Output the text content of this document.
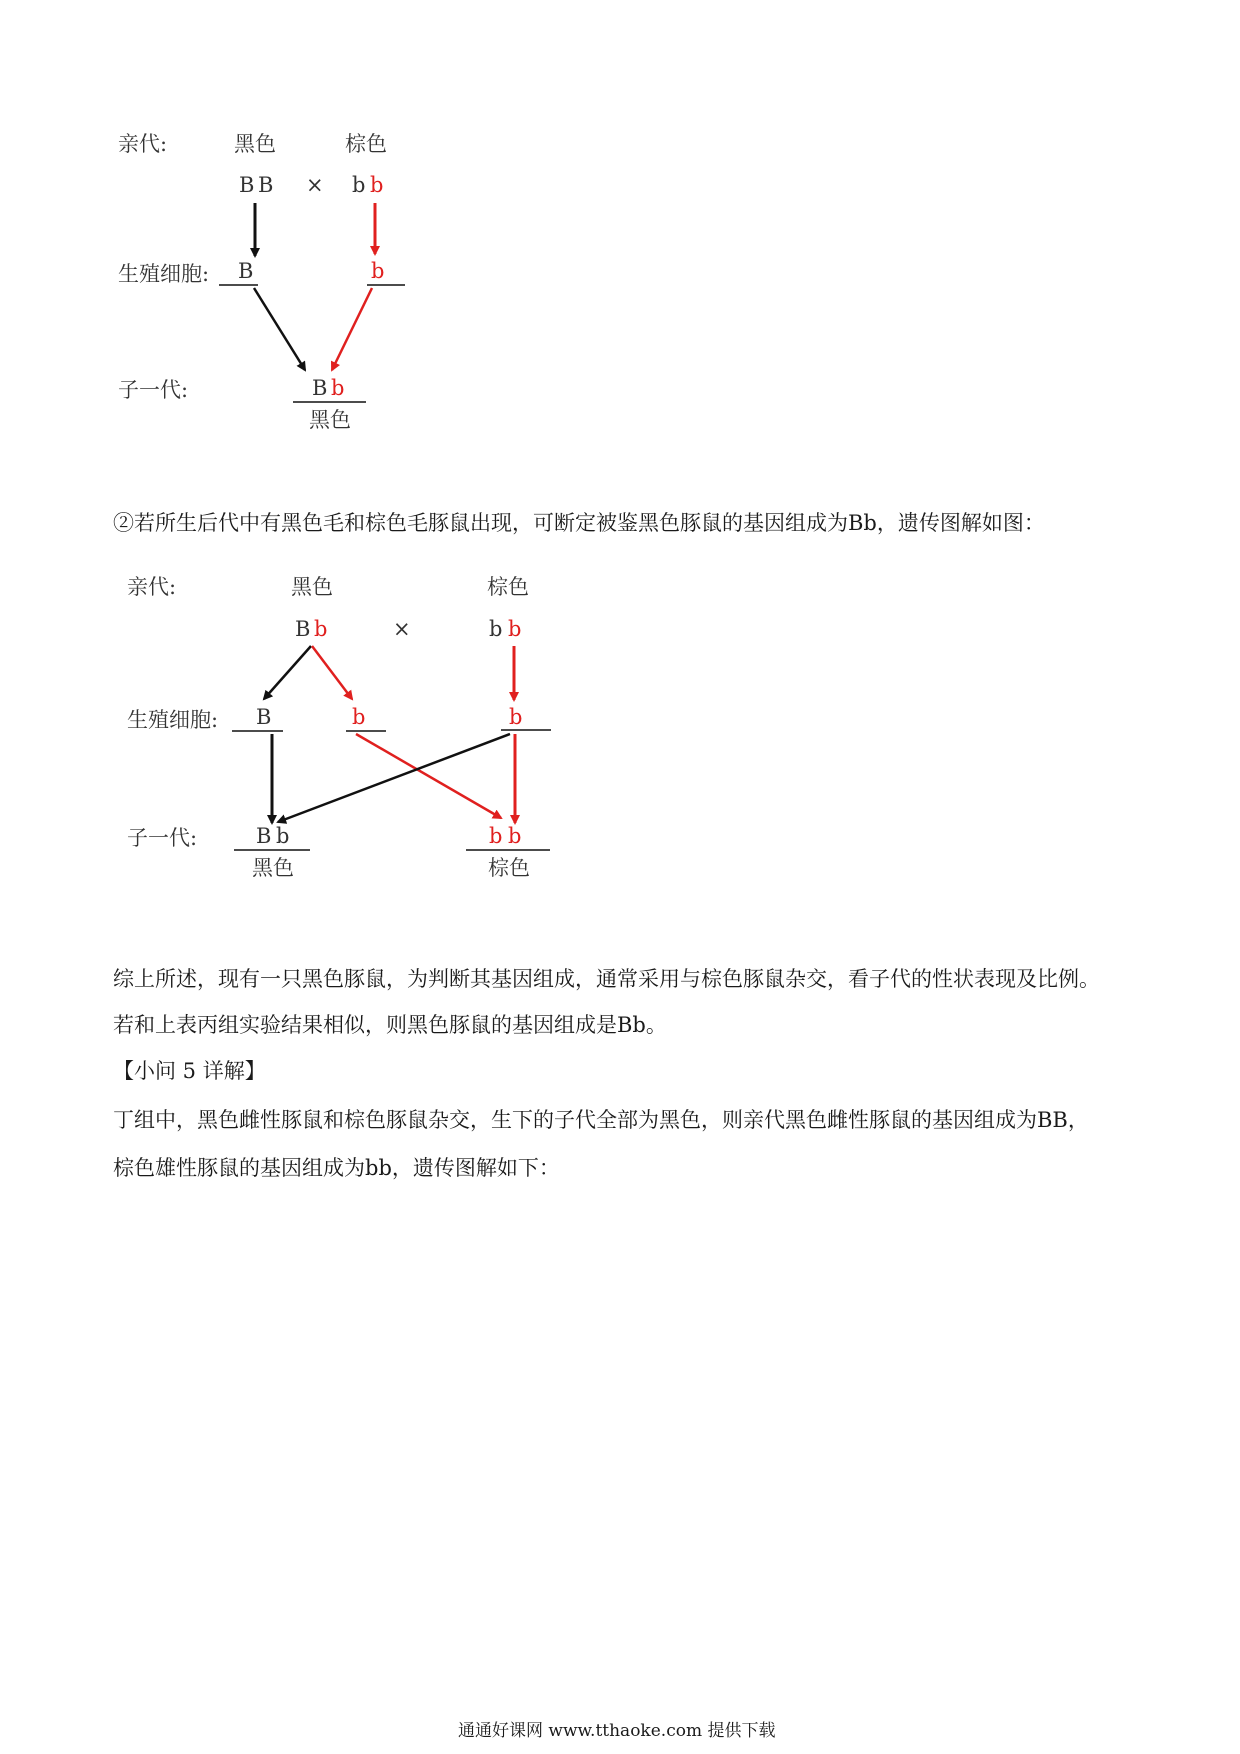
亲代:	黑色	棕色
B B × b b
生殖细胞: B	b
子一代:	B b
黑色
②若所生后代中有黑色毛和棕色毛豚鼠出现，可断定被鉴黑色豚鼠的基因组成为Bb，遗传图解如图：
亲代:	黑色	棕色
B b	×	b b
生殖细胞: B	b	b
子一代:	B b
黑色
b b
棕色
综上所述，现有一只黑色豚鼠，为判断其基因组成，通常采用与棕色豚鼠杂交，看子代的性状表现及比例。
若和上表丙组实验结果相似，则黑色豚鼠的基因组成是Bb。
【小问 5 详解】
丁组中，黑色雌性豚鼠和棕色豚鼠杂交，生下的子代全部为黑色，则亲代黑色雌性豚鼠的基因组成为BB，
棕色雄性豚鼠的基因组成为bb，遗传图解如下：
通通好课网 www.tthaoke.com 提供下载
